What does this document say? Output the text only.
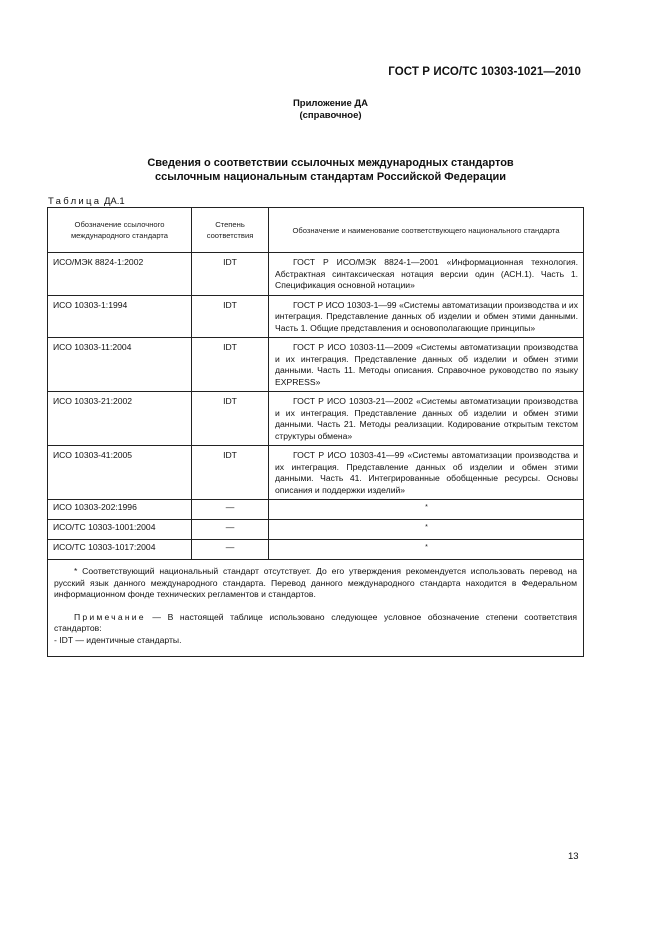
ГОСТ Р ИСО/ТС 10303-1021—2010
Приложение ДА
(справочное)
Сведения о соответствии ссылочных международных стандартов
ссылочным национальным стандартам Российской Федерации
Таблица ДА.1
Обозначение ссылочного международного стандарта	Степень соответствия	Обозначение и наименование соответствующего национального стандарта
ИСО/МЭК 8824-1:2002	IDT	ГОСТ Р ИСО/МЭК 8824-1—2001 «Информационная технология. Абстрактная синтаксическая нотация версии один (АСН.1). Часть 1. Спецификация основной нотации»
ИСО 10303-1:1994	IDT	ГОСТ Р ИСО 10303-1—99 «Системы автоматизации производства и их интеграция. Представление данных об изделии и обмен этими данными. Часть 1. Общие представления и основополагающие принципы»
ИСО 10303-11:2004	IDT	ГОСТ Р ИСО 10303-11—2009 «Системы автоматизации производства и их интеграция. Представление данных об изделии и обмен этими данными. Часть 11. Методы описания. Справочное руководство по языку EXPRESS»
ИСО 10303-21:2002	IDT	ГОСТ Р ИСО 10303-21—2002 «Системы автоматизации производства и их интеграция. Представление данных об изделии и обмен этими данными. Часть 21. Методы реализации. Кодирование открытым текстом структуры обмена»
ИСО 10303-41:2005	IDT	ГОСТ Р ИСО 10303-41—99 «Системы автоматизации производства и их интеграция. Представление данных об изделии и обмен этими данными. Часть 41. Интегрированные обобщенные ресурсы. Основы описания и поддержки изделий»
ИСО 10303-202:1996	—	*
ИСО/ТС 10303-1001:2004	—	*
ИСО/ТС 10303-1017:2004	—	*

* Соответствующий национальный стандарт отсутствует. До его утверждения рекомендуется использовать перевод на русский язык данного международного стандарта. Перевод данного международного стандарта находится в Федеральном информационном фонде технических регламентов и стандартов.

Примечание — В настоящей таблице использовано следующее условное обозначение степени соответствия стандартов:

- IDT — идентичные стандарты.		

13
